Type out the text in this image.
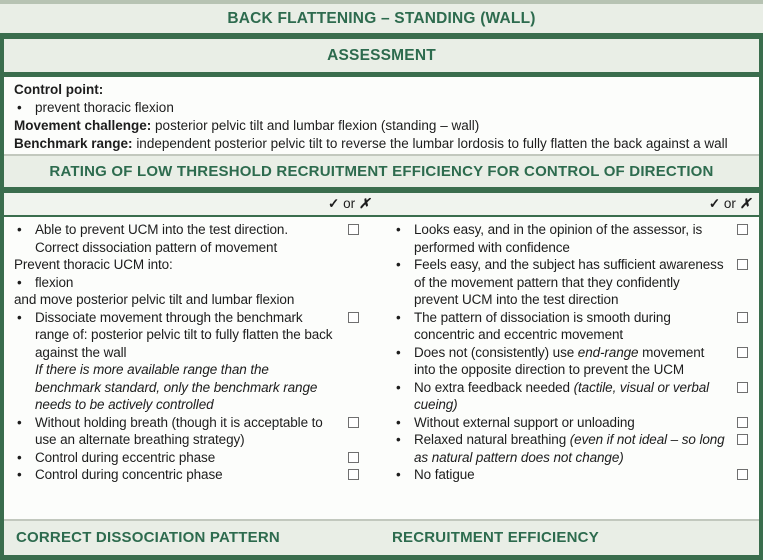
BACK FLATTENING – STANDING (WALL)
ASSESSMENT
Control point:
• prevent thoracic flexion
Movement challenge: posterior pelvic tilt and lumbar flexion (standing – wall)
Benchmark range: independent posterior pelvic tilt to reverse the lumbar lordosis to fully flatten the back against a wall
RATING OF LOW THRESHOLD RECRUITMENT EFFICIENCY FOR CONTROL OF DIRECTION
✓ or ✗	✓ or ✗
• Able to prevent UCM into the test direction. Correct dissociation pattern of movement
Prevent thoracic UCM into:
• flexion
and move posterior pelvic tilt and lumbar flexion
• Dissociate movement through the benchmark range of: posterior pelvic tilt to fully flatten the back against the wall
If there is more available range than the benchmark standard, only the benchmark range needs to be actively controlled
• Without holding breath (though it is acceptable to use an alternate breathing strategy)
• Control during eccentric phase
• Control during concentric phase
• Looks easy, and in the opinion of the assessor, is performed with confidence
• Feels easy, and the subject has sufficient awareness of the movement pattern that they confidently prevent UCM into the test direction
• The pattern of dissociation is smooth during concentric and eccentric movement
• Does not (consistently) use end-range movement into the opposite direction to prevent the UCM
• No extra feedback needed (tactile, visual or verbal cueing)
• Without external support or unloading
• Relaxed natural breathing (even if not ideal – so long as natural pattern does not change)
• No fatigue
CORRECT DISSOCIATION PATTERN	RECRUITMENT EFFICIENCY
